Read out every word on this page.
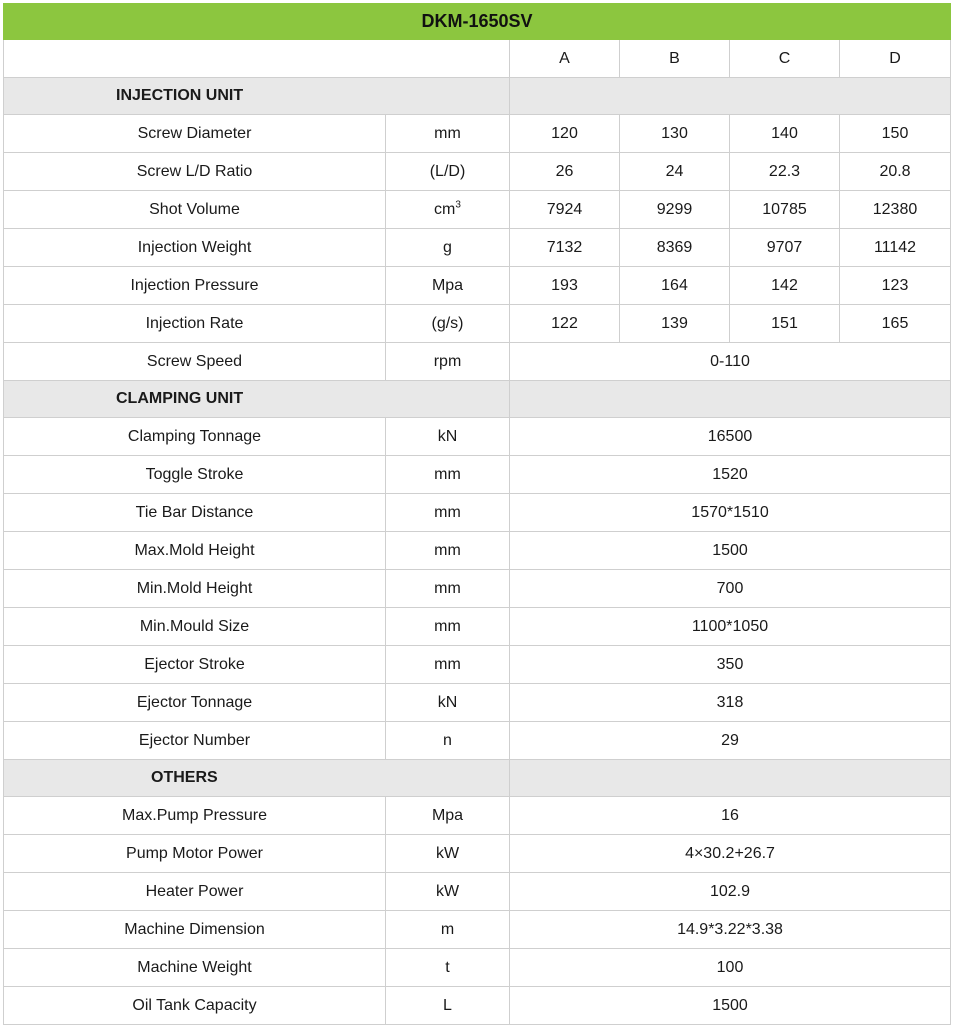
DKM-1650SV					
		A	B	C	D
INJECTION UNIT					
Screw Diameter	mm	120	130	140	150
Screw L/D Ratio	(L/D)	26	24	22.3	20.8
Shot Volume	$cm^3$	7924	9299	10785	12380
Injection Weight	g	7132	8369	9707	11142
Injection Pressure	Mpa	193	164	142	123
Injection Rate	(g/s)	122	139	151	165
Screw Speed	rpm	0-110			
CLAMPING UNIT					
Clamping Tonnage	kN	16500			
Toggle Stroke	mm	1520			
Tie Bar Distance	mm	1570*1510			
Max.Mold Height	mm	1500			
Min.Mold Height	mm	700			
Min.Mould Size	mm	1100*1050			
Ejector Stroke	mm	350			
Ejector Tonnage	kN	318			
Ejector Number	n	29			
OTHERS					
Max.Pump Pressure	Mpa	16			
Pump Motor Power	kW	4×30.2+26.7			
Heater Power	kW	102.9			
Machine Dimension	m	14.9*3.22*3.38			
Machine Weight	t	100			
Oil Tank Capacity	L	1500			
